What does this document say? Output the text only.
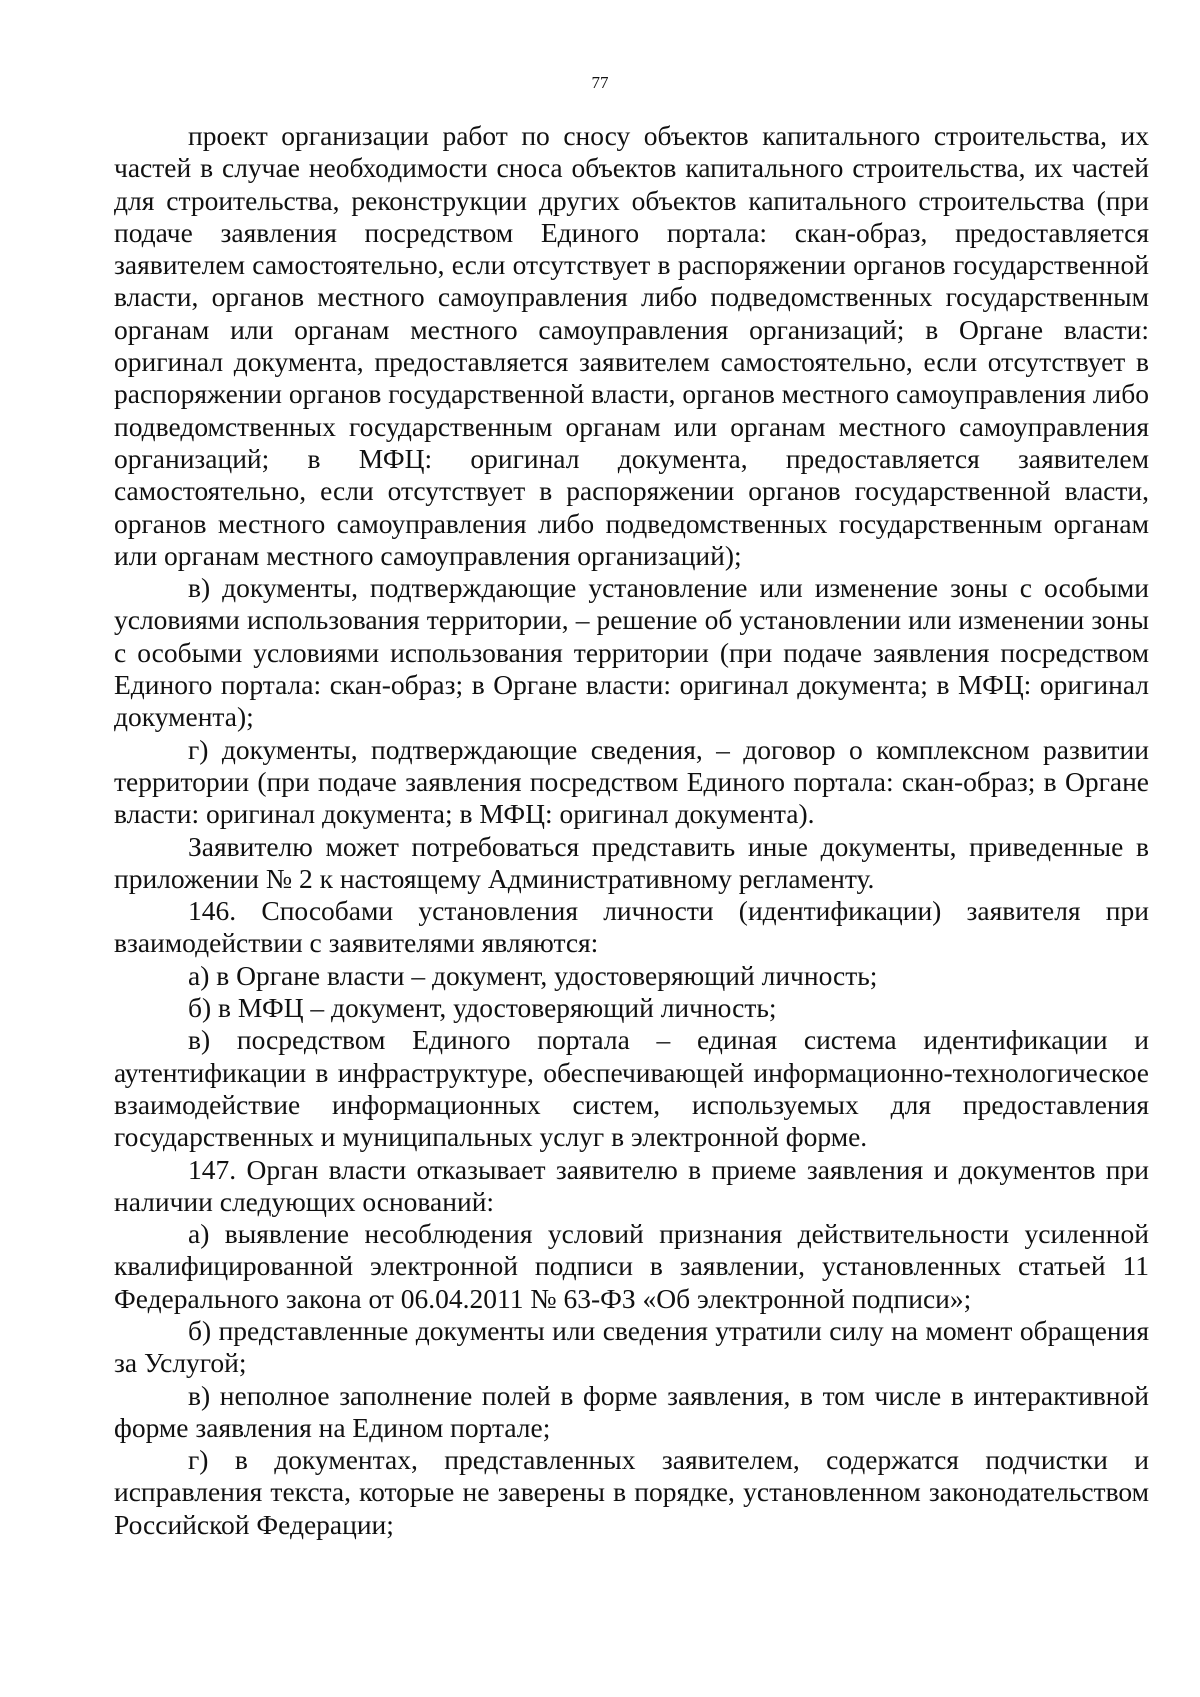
77

проект организации работ по сносу объектов капитального строительства, их частей в случае необходимости сноса объектов капитального строительства, их частей для строительства, реконструкции других объектов капитального строительства (при подаче заявления посредством Единого портала: скан-образ, предоставляется заявителем самостоятельно, если отсутствует в распоряжении органов государственной власти, органов местного самоуправления либо подведомственных государственным органам или органам местного самоуправления организаций; в Органе власти: оригинал документа, предоставляется заявителем самостоятельно, если отсутствует в распоряжении органов государственной власти, органов местного самоуправления либо подведомственных государственным органам или органам местного самоуправления организаций; в МФЦ: оригинал документа, предоставляется заявителем самостоятельно, если отсутствует в распоряжении органов государственной власти, органов местного самоуправления либо подведомственных государственным органам или органам местного самоуправления организаций);

в) документы, подтверждающие установление или изменение зоны с особыми условиями использования территории, – решение об установлении или изменении зоны с особыми условиями использования территории (при подаче заявления посредством Единого портала: скан-образ; в Органе власти: оригинал документа; в МФЦ: оригинал документа);

г) документы, подтверждающие сведения, – договор о комплексном развитии территории (при подаче заявления посредством Единого портала: скан-образ; в Органе власти: оригинал документа; в МФЦ: оригинал документа).

Заявителю может потребоваться представить иные документы, приведенные в приложении № 2 к настоящему Административному регламенту.

146. Способами установления личности (идентификации) заявителя при взаимодействии с заявителями являются:

а) в Органе власти – документ, удостоверяющий личность;

б) в МФЦ – документ, удостоверяющий личность;

в) посредством Единого портала – единая система идентификации и аутентификации в инфраструктуре, обеспечивающей информационно-технологическое взаимодействие информационных систем, используемых для предоставления государственных и муниципальных услуг в электронной форме.

147. Орган власти отказывает заявителю в приеме заявления и документов при наличии следующих оснований:

а) выявление несоблюдения условий признания действительности усиленной квалифицированной электронной подписи в заявлении, установленных статьей 11 Федерального закона от 06.04.2011 № 63-ФЗ «Об электронной подписи»;

б) представленные документы или сведения утратили силу на момент обращения за Услугой;

в) неполное заполнение полей в форме заявления, в том числе в интерактивной форме заявления на Едином портале;

г) в документах, представленных заявителем, содержатся подчистки и исправления текста, которые не заверены в порядке, установленном законодательством Российской Федерации;
